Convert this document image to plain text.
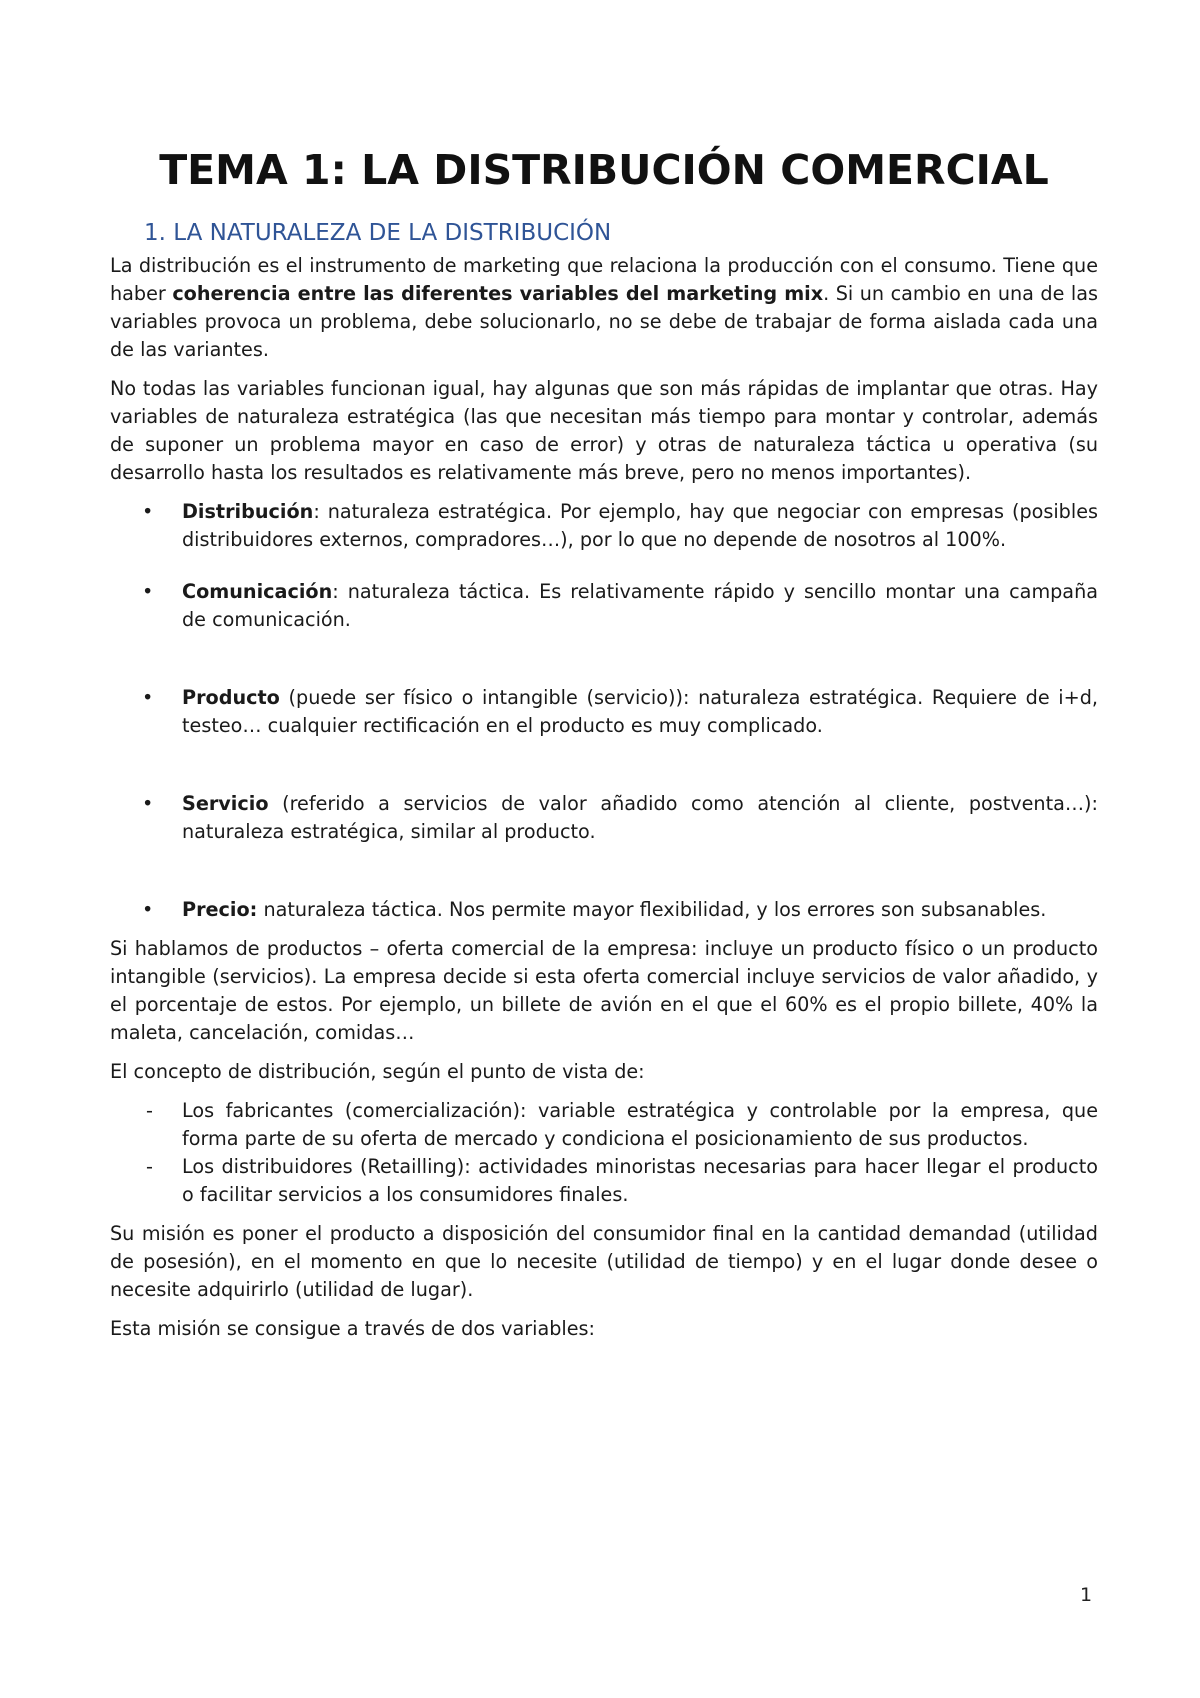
TEMA 1: LA DISTRIBUCIÓN COMERCIAL
1. LA NATURALEZA DE LA DISTRIBUCIÓN

La distribución es el instrumento de marketing que relaciona la producción con el consumo. Tiene que haber coherencia entre las diferentes variables del marketing mix. Si un cambio en una de las variables provoca un problema, debe solucionarlo, no se debe de trabajar de forma aislada cada una de las variantes.

No todas las variables funcionan igual, hay algunas que son más rápidas de implantar que otras. Hay variables de naturaleza estratégica (las que necesitan más tiempo para montar y controlar, además de suponer un problema mayor en caso de error) y otras de naturaleza táctica u operativa (su desarrollo hasta los resultados es relativamente más breve, pero no menos importantes).

•	Distribución: naturaleza estratégica. Por ejemplo, hay que negociar con empresas (posibles distribuidores externos, compradores…), por lo que no depende de nosotros al 100%.
•	Comunicación: naturaleza táctica. Es relativamente rápido y sencillo montar una campaña de comunicación.
•	Producto (puede ser físico o intangible (servicio)): naturaleza estratégica. Requiere de i+d, testeo… cualquier rectificación en el producto es muy complicado.
•	Servicio (referido a servicios de valor añadido como atención al cliente, postventa…): naturaleza estratégica, similar al producto.
•	Precio: naturaleza táctica. Nos permite mayor flexibilidad, y los errores son subsanables.

Si hablamos de productos – oferta comercial de la empresa: incluye un producto físico o un producto intangible (servicios). La empresa decide si esta oferta comercial incluye servicios de valor añadido, y el porcentaje de estos. Por ejemplo, un billete de avión en el que el 60% es el propio billete, 40% la maleta, cancelación, comidas…

El concepto de distribución, según el punto de vista de:

- Los fabricantes (comercialización): variable estratégica y controlable por la empresa, que forma parte de su oferta de mercado y condiciona el posicionamiento de sus productos.
- Los distribuidores (Retailling): actividades minoristas necesarias para hacer llegar el producto o facilitar servicios a los consumidores finales.

Su misión es poner el producto a disposición del consumidor final en la cantidad demandad (utilidad de posesión), en el momento en que lo necesite (utilidad de tiempo) y en el lugar donde desee o necesite adquirirlo (utilidad de lugar).

Esta misión se consigue a través de dos variables:

1
